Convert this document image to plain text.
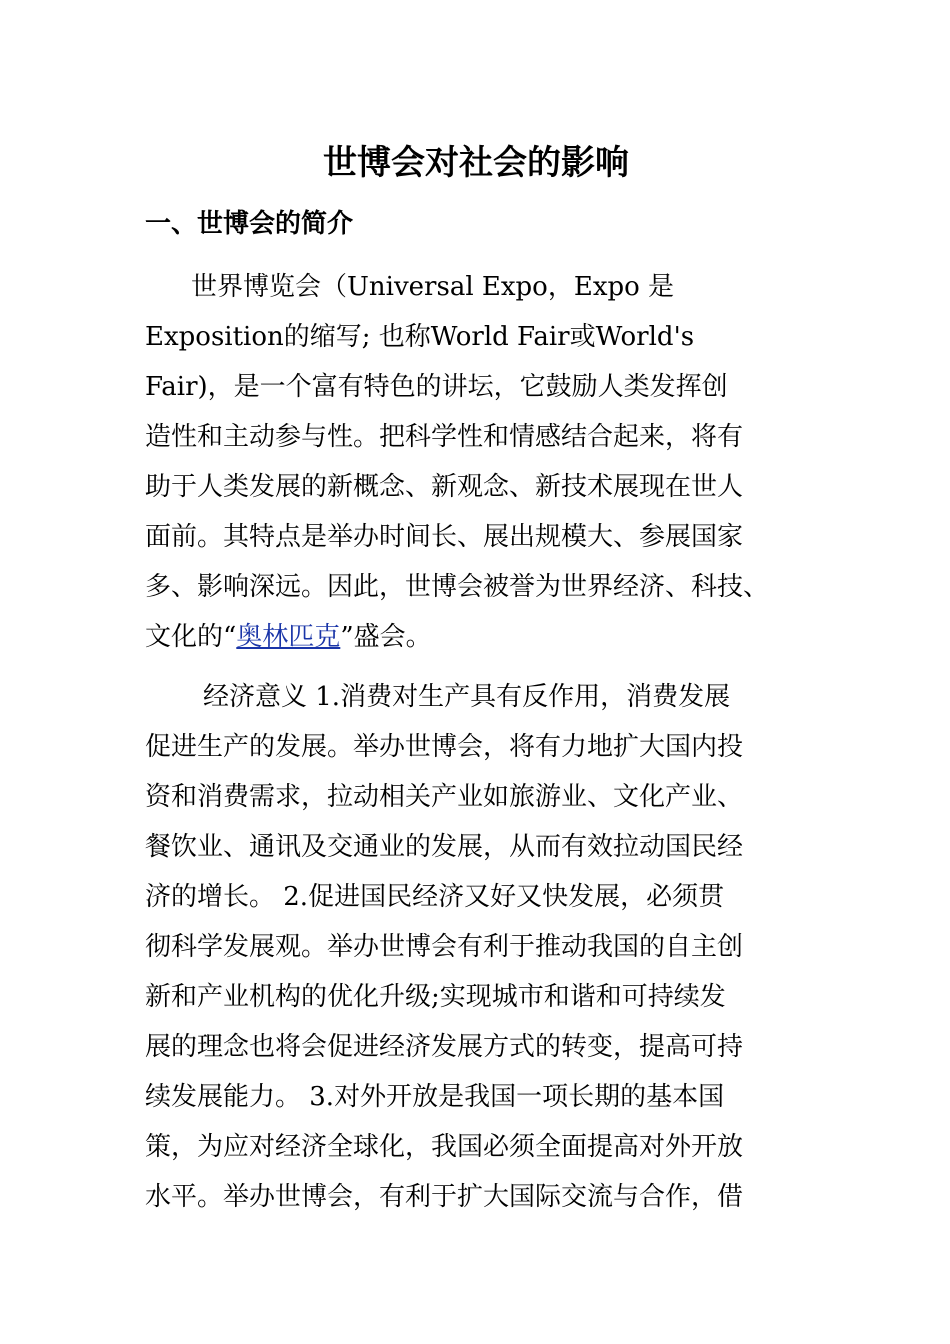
世博会对社会的影响
一、世博会的简介
世界博览会（Universal Expo，Expo 是
Exposition的缩写; 也称World Fair或World's
Fair)，是一个富有特色的讲坛，它鼓励人类发挥创
造性和主动参与性。把科学性和情感结合起来，将有
助于人类发展的新概念、新观念、新技术展现在世人
面前。其特点是举办时间长、展出规模大、参展国家
多、影响深远。因此，世博会被誉为世界经济、科技、
文化的“ 奥林匹克 ”盛会。
经济意义 1.消费对生产具有反作用，消费发展
促进生产的发展。举办世博会，将有力地扩大国内投
资和消费需求，拉动相关产业如旅游业、文化产业、
餐饮业、通讯及交通业的发展，从而有效拉动国民经
济的增长。 2.促进国民经济又好又快发展，必须贯
彻科学发展观。举办世博会有利于推动我国的自主创
新和产业机构的优化升级;实现城市和谐和可持续发
展的理念也将会促进经济发展方式的转变，提高可持
续发展能力。 3.对外开放是我国一项长期的基本国
策，为应对经济全球化，我国必须全面提高对外开放
水平。举办世博会，有利于扩大国际交流与合作，借
